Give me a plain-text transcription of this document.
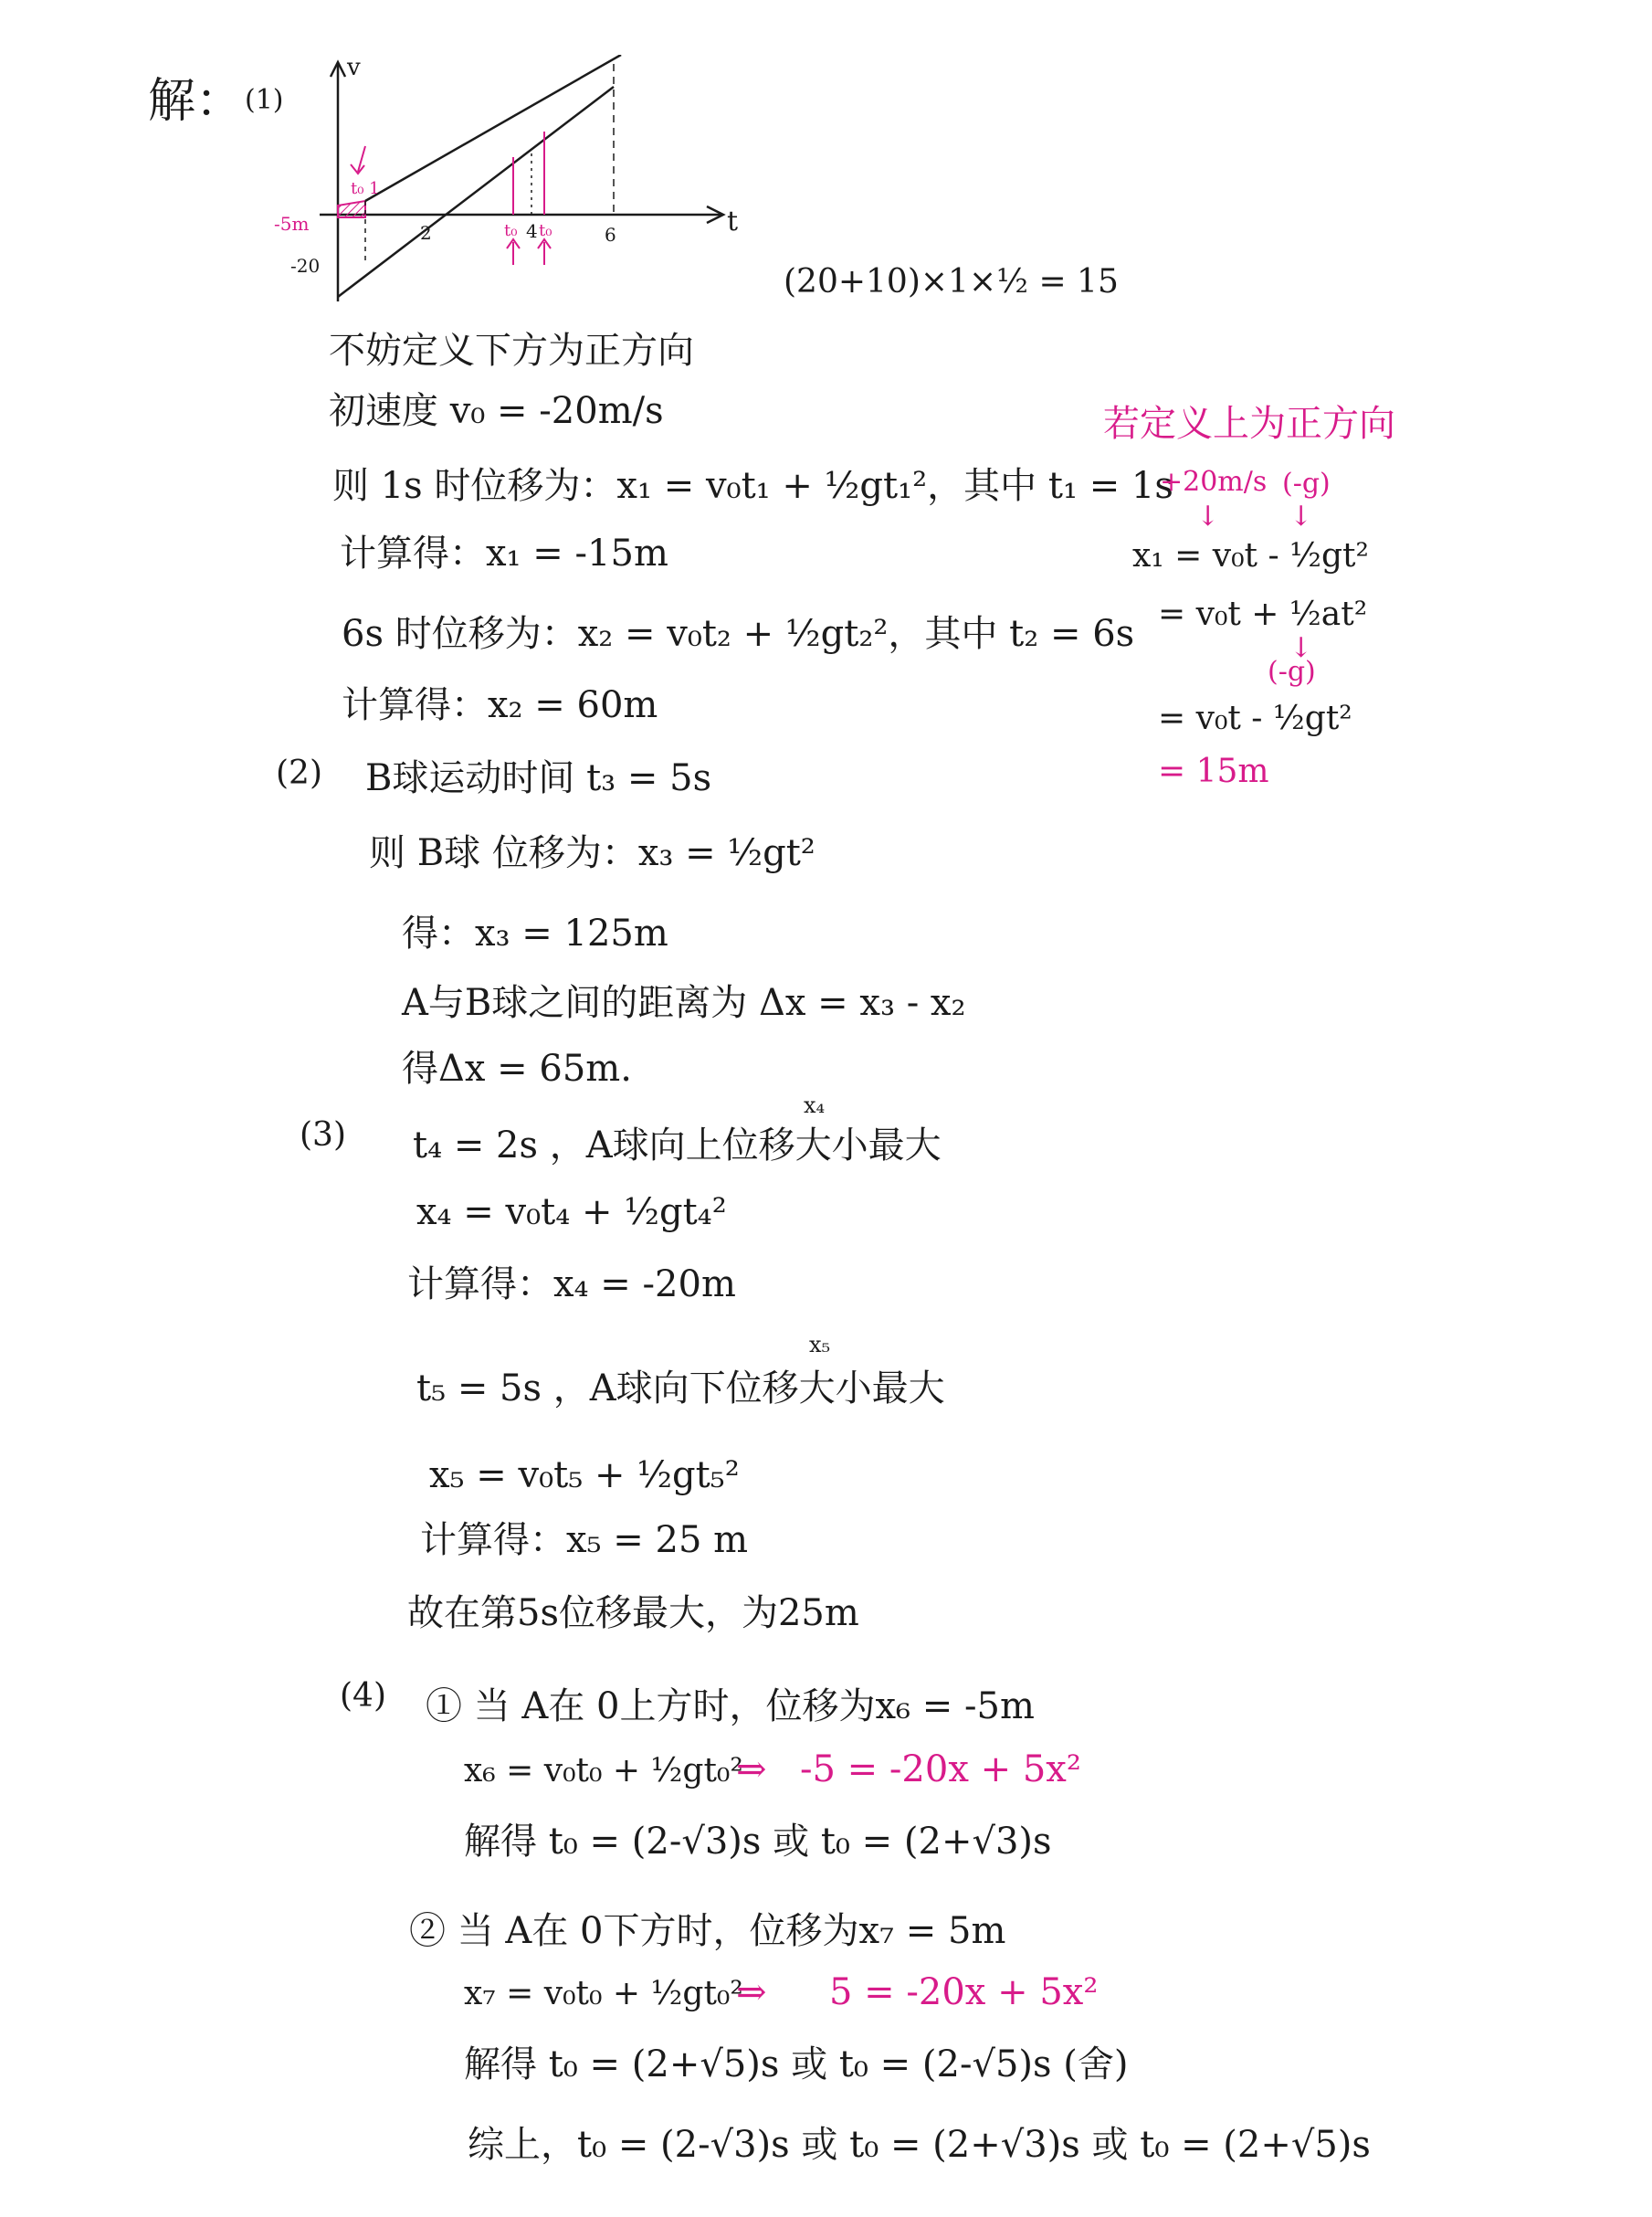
解： (1)
v
t
t₀ 1
-5m
-20
2	t₀ 4 t₀	6
(20+10)×1×½ = 15
不妨定义下方为正方向
初速度 v₀ = -20m/s
则 1s 时位移为：x₁ = v₀t₁ + ½gt₁²，其中 t₁ = 1s
计算得：x₁ = -15m
6s 时位移为：x₂ = v₀t₂ + ½gt₂²，其中 t₂ = 6s
计算得：x₂ = 60m
若定义上为正方向
+20m/s (-g)
↓	↓
x₁ = v₀t - ½gt²
= v₀t + ½at²
↓
(-g)
= v₀t - ½gt²
= 15m
(2) B球运动时间 t₃ = 5s
则 B球 位移为：x₃ = ½gt²
得：x₃ = 125m
A与B球之间的距离为 Δx = x₃ - x₂
得Δx = 65m.
(3)
x₄
t₄ = 2s ，A球向上位移大小最大
x₄ = v₀t₄ + ½gt₄²
计算得：x₄ = -20m
x₅
t₅ = 5s ，A球向下位移大小最大
x₅ = v₀t₅ + ½gt₅²
计算得：x₅ = 25 m
故在第5s位移最大，为25m
(4) ① 当 A在 0上方时，位移为x₆ = -5m
x₆ = v₀t₀ + ½gt₀²
⇒ -5 = -20x + 5x²
解得 t₀ = (2-√3)s 或 t₀ = (2+√3)s
② 当 A在 0下方时，位移为x₇ = 5m
x₇ = v₀t₀ + ½gt₀²
⇒ 5 = -20x + 5x²
解得 t₀ = (2+√5)s 或 t₀ = (2-√5)s (舍)
综上，t₀ = (2-√3)s 或 t₀ = (2+√3)s 或 t₀ = (2+√5)s
